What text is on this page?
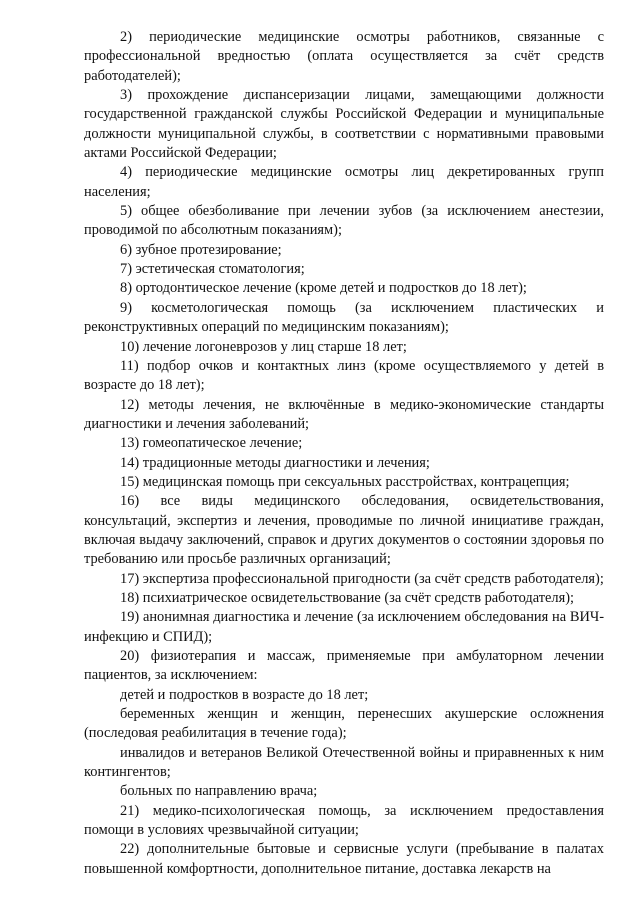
2) периодические медицинские осмотры работников, связанные с профессиональной вредностью (оплата осуществляется за счёт средств работодателей);

3) прохождение диспансеризации лицами, замещающими должности государственной гражданской службы Российской Федерации и муниципальные должности муниципальной службы, в соответствии с нормативными правовыми актами Российской Федерации;

4) периодические медицинские осмотры лиц декретированных групп населения;

5) общее обезболивание при лечении зубов (за исключением анестезии, проводимой по абсолютным показаниям);

6) зубное протезирование;

7) эстетическая стоматология;

8) ортодонтическое лечение (кроме детей и подростков до 18 лет);

9) косметологическая помощь (за исключением пластических и реконструктивных операций по медицинским показаниям);

10) лечение логоневрозов у лиц старше 18 лет;

11) подбор очков и контактных линз (кроме осуществляемого у детей в возрасте до 18 лет);

12) методы лечения, не включённые в медико-экономические стандарты диагностики и лечения заболеваний;

13) гомеопатическое лечение;

14) традиционные методы диагностики и лечения;

15) медицинская помощь при сексуальных расстройствах, контрацепция;

16) все виды медицинского обследования, освидетельствования, консультаций, экспертиз и лечения, проводимые по личной инициативе граждан, включая выдачу заключений, справок и других документов о состоянии здоровья по требованию или просьбе различных организаций;

17) экспертиза профессиональной пригодности (за счёт средств работодателя);

18) психиатрическое освидетельствование (за счёт средств работодателя);

19) анонимная диагностика и лечение (за исключением обследования на ВИЧ-инфекцию и СПИД);

20) физиотерапия и массаж, применяемые при амбулаторном лечении пациентов, за исключением:

детей и подростков в возрасте до 18 лет;

беременных женщин и женщин, перенесших акушерские осложнения (последовая реабилитация в течение года);

инвалидов и ветеранов Великой Отечественной войны и приравненных к ним контингентов;

больных по направлению врача;

21) медико-психологическая помощь, за исключением предоставления помощи в условиях чрезвычайной ситуации;

22) дополнительные бытовые и сервисные услуги (пребывание в палатах повышенной комфортности, дополнительное питание, доставка лекарств на
